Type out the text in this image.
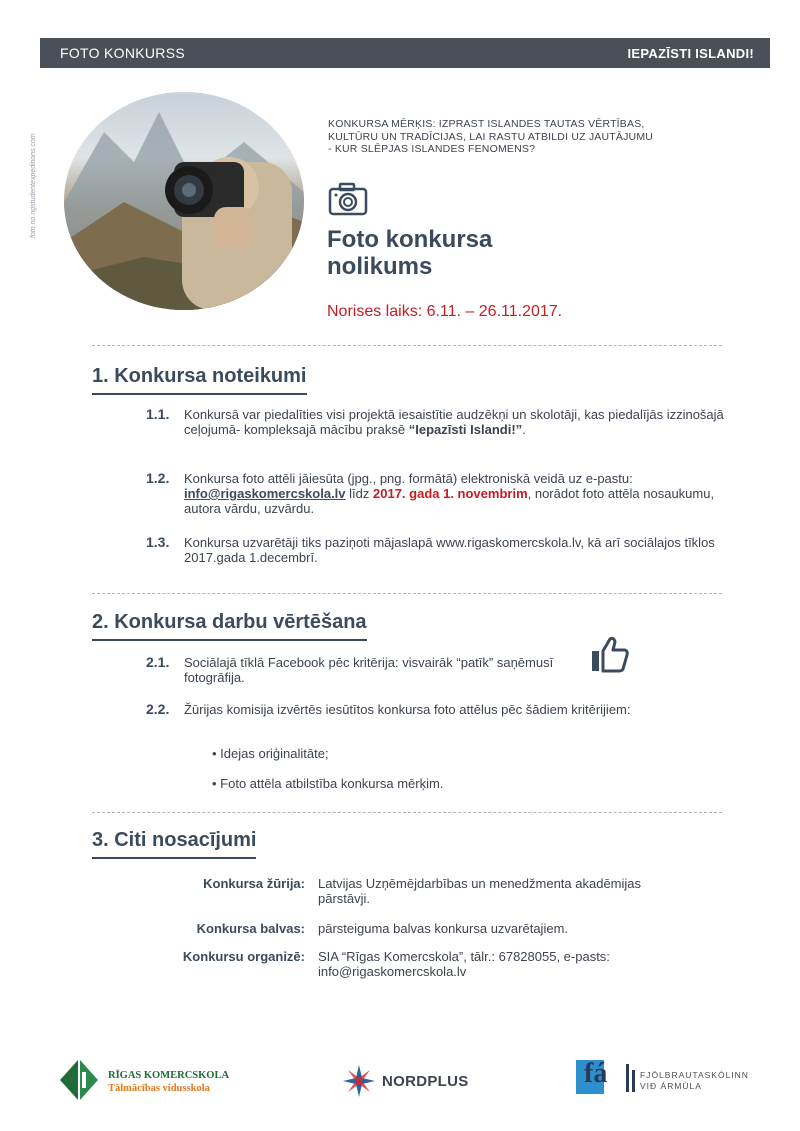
FOTO KONKURSS	IEPAZĪSTI ISLANDI!
foto no ngstudentexpeditions.com
KONKURSA MĒRĶIS: IZPRAST ISLANDES TAUTAS VĒRTĪBAS, KULTŪRU UN TRADĪCIJAS, LAI RASTU ATBILDI UZ JAUTĀJUMU - KUR SLĒPJAS ISLANDES FENOMENS?
Foto konkursa
nolikums
Norises laiks: 6.11. – 26.11.2017.
1. Konkursa noteikumi
1.1.	Konkursā var piedalīties visi projektā iesaistītie audzēkņi un skolotāji, kas piedalījās izzinošajā ceļojumā- kompleksajā mācību praksē “Iepazīsti Islandi!”.
1.2.	Konkursa foto attēli jāiesūta (jpg., png. formātā) elektroniskā veidā uz e-pastu: info@rigaskomercskola.lv līdz 2017. gada 1. novembrim, norādot foto attēla nosaukumu, autora vārdu, uzvārdu.
1.3.	Konkursa uzvarētāji tiks paziņoti mājaslapā www.rigaskomercskola.lv, kā arī sociālajos tīklos 2017.gada 1.decembrī.
2. Konkursa darbu vērtēšana
2.1.	Sociālajā tīklā Facebook pēc kritērija: visvairāk “patīk” saņēmusī fotogrāfija.
2.2.	Žūrijas komisija izvērtēs iesūtītos konkursa foto attēlus pēc šādiem kritērijiem:
• Idejas oriģinalitāte;
• Foto attēla atbilstība konkursa mērķim.
3. Citi nosacījumi
Konkursa žūrija: Latvijas Uzņēmējdarbības un menedžmenta akadēmijas pārstāvji.
Konkursa balvas: pārsteiguma balvas konkursa uzvarētajiem.
Konkursu organizē: SIA “Rīgas Komercskola”, tālr.: 67828055, e-pasts: info@rigaskomercskola.lv
RĪGAS KOMERCSKOLA
Tālmācības vidusskola	NORDPLUS	fá	FJÖLBRAUTASKÓLINN
VIÐ ÁRMÚLA
